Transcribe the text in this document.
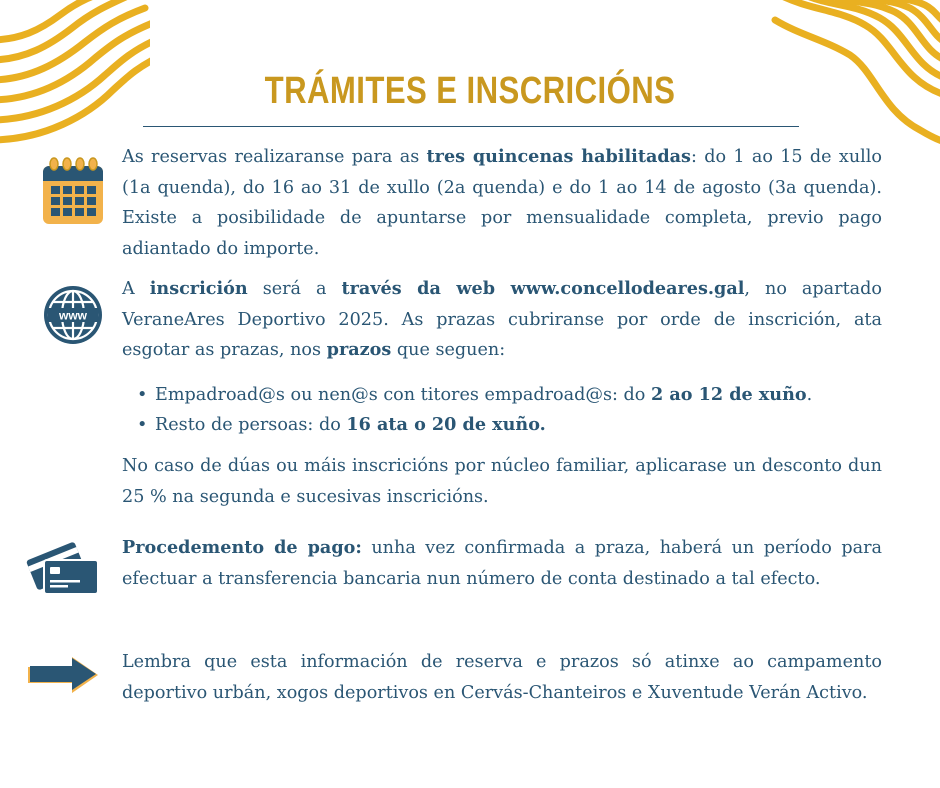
TRÁMITES E INSCRICIÓNS

As reservas realizaranse para as tres quincenas habilitadas: do 1 ao 15 de xullo (1a quenda), do 16 ao 31 de xullo (2a quenda) e do 1 ao 14 de agosto (3a quenda). Existe a posibilidade de apuntarse por mensualidade completa, previo pago adiantado do importe.

www

A inscrición será a través da web www.concellodeares.gal, no apartado VeraneAres Deportivo 2025. As prazas cubriranse por orde de inscrición, ata esgotar as prazas, nos prazos que seguen:

• Empadroad@s ou nen@s con titores empadroad@s: do 2 ao 12 de xuño.
• Resto de persoas: do 16 ata o 20 de xuño.

No caso de dúas ou máis inscricións por núcleo familiar, aplicarase un desconto dun 25 % na segunda e sucesivas inscricións.

Procedemento de pago: unha vez confirmada a praza, haberá un período para efectuar a transferencia bancaria nun número de conta destinado a tal efecto.

Lembra que esta información de reserva e prazos só atinxe ao campamento deportivo urbán, xogos deportivos en Cervás-Chanteiros e Xuventude Verán Activo.
